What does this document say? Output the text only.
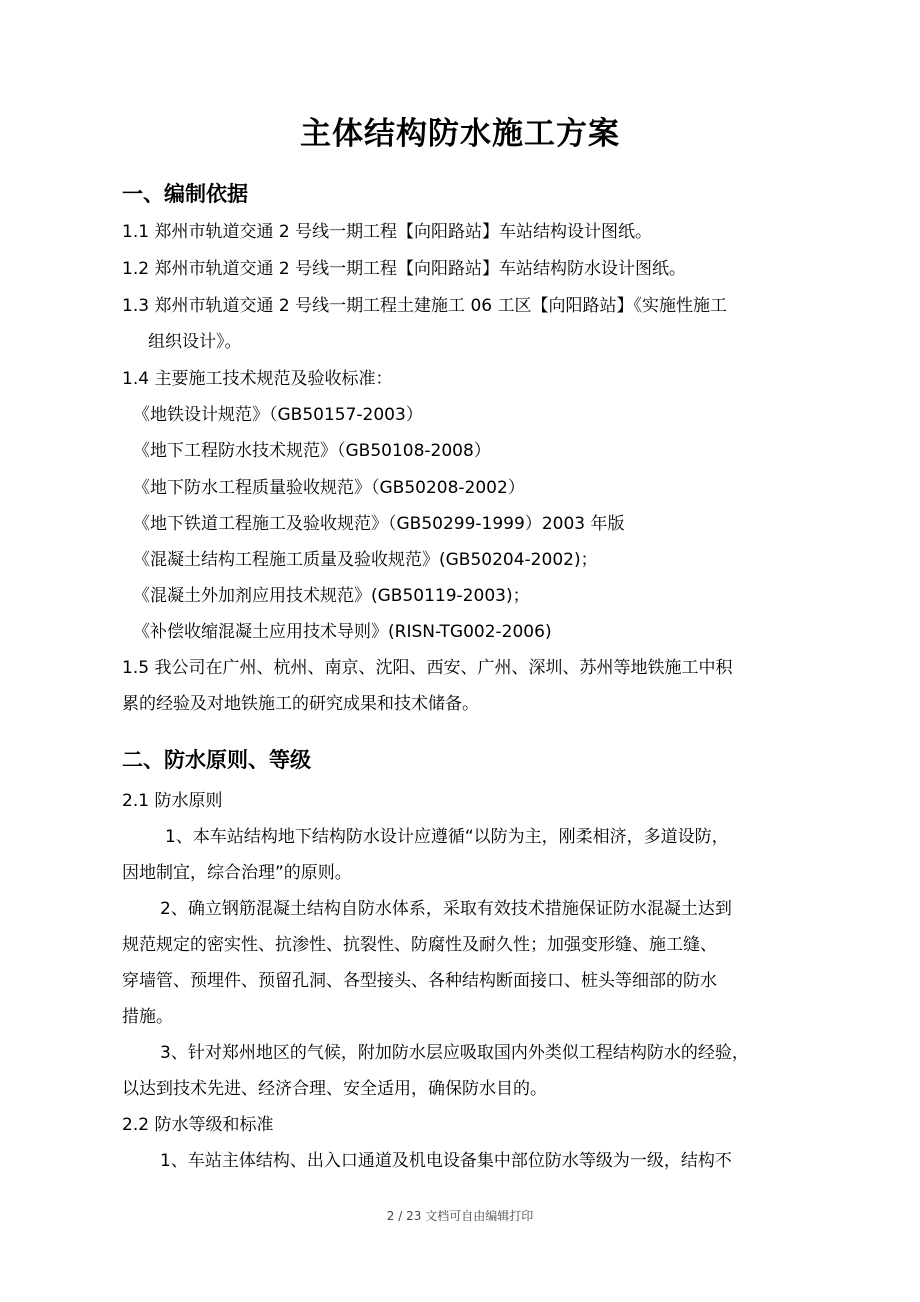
主体结构防水施工方案
一、编制依据
1.1 郑州市轨道交通 2 号线一期工程【向阳路站】车站结构设计图纸。
1.2 郑州市轨道交通 2 号线一期工程【向阳路站】车站结构防水设计图纸。
1.3 郑州市轨道交通 2 号线一期工程土建施工 06 工区【向阳路站】《实施性施工
组织设计》。
1.4 主要施工技术规范及验收标准：
《地铁设计规范》（GB50157-2003）
《地下工程防水技术规范》（GB50108-2008）
《地下防水工程质量验收规范》（GB50208-2002）
《地下铁道工程施工及验收规范》（GB50299-1999）2003 年版
《混凝土结构工程施工质量及验收规范》(GB50204-2002)；
《混凝土外加剂应用技术规范》(GB50119-2003)；
《补偿收缩混凝土应用技术导则》(RISN-TG002-2006)
1.5 我公司在广州、杭州、南京、沈阳、西安、广州、深圳、苏州等地铁施工中积
累的经验及对地铁施工的研究成果和技术储备。
二、防水原则、等级
2.1 防水原则
1、本车站结构地下结构防水设计应遵循“以防为主，刚柔相济，多道设防，
因地制宜，综合治理”的原则。
2、确立钢筋混凝土结构自防水体系，采取有效技术措施保证防水混凝土达到
规范规定的密实性、抗渗性、抗裂性、防腐性及耐久性；加强变形缝、施工缝、
穿墙管、预埋件、预留孔洞、各型接头、各种结构断面接口、桩头等细部的防水
措施。
3、针对郑州地区的气候，附加防水层应吸取国内外类似工程结构防水的经验，
以达到技术先进、经济合理、安全适用，确保防水目的。
2.2 防水等级和标准
1、车站主体结构、出入口通道及机电设备集中部位防水等级为一级，结构不
2 / 23 文档可自由编辑打印
